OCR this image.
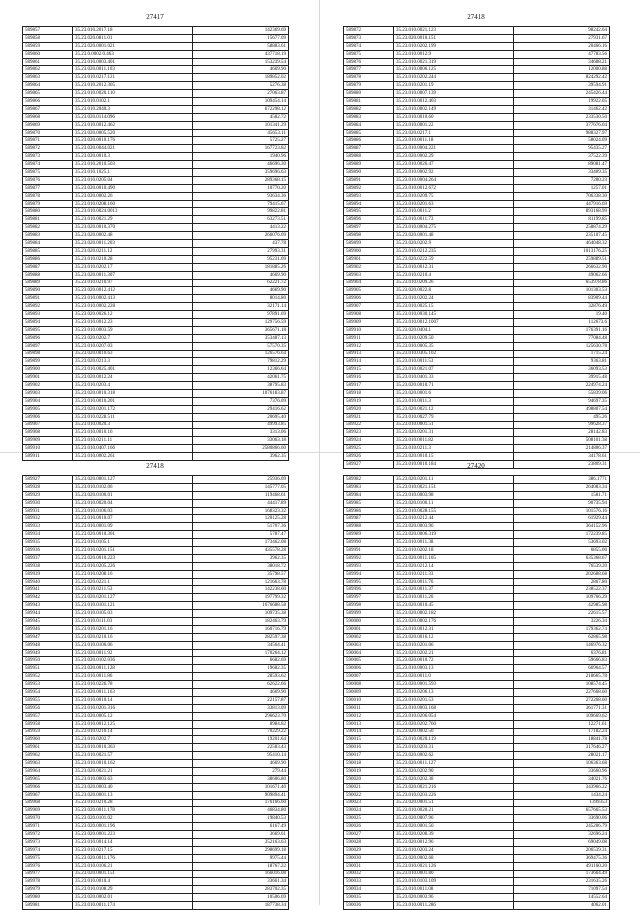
27417
589857	35.23.010.2017.18	142369.69
589858	35.23.020.0811.01	15677.09
589859	35.23.020.0001.021	58883.61
589860	35.23.0.0002.0.463	437718.19
589861	35.23.010.0003.401	153239.54
589862	35.23.020.0011.103	4669.90
589863	35.23.010.0217.121	189852.02
589864	35.23.010.2012.305	5276.38
589865	35.23.010.0020.110	27063.87
589866	35.23.010.0102.1	109454.14
589867	35.23.010.2040.3	672298.12
589868	35.23.020.0114.096	4582.72
589869	35.23.010.0012.462	101341.29
589870	35.23.020.0005.520	45653.11
589871	35.23.020.0010.176	5725.27
589872	35.23.020.0044.021	167723.82
589873	35.23.020.0010.3	1940.96
589874	35.23.010.2010.503	46696.30
589875	35.23.010.1025.1	359696.63
589876	35.23.010.0205.04	289368.15
589877	35.23.020.0010.490	10770.20
589878	35.23.020.0002.26	93634.36
589879	35.23.010.0208.160	79415.67
589880	35.23.010.0024.0013	99822.81
589881	35.23.010.0021.29	63273.51
589882	35.23.020.0010.370	4413.22
589883	35.23.020.0002.48	266076.09
589884	35.23.020.0011.203	437.78
589885	35.23.020.0211.12	27993.31
589886	35.23.010.0210.28	95231.09
589887	35.23.010.0202.17	181885.26
589888	35.23.020.0011.307	4669.90
589889	35.23.010.0210.97	62221.72
589890	35.23.020.0012.412	4669.90
589891	35.23.010.0002.413	8014.80
589892	35.23.010.0002.228	32171.14
589893	35.23.020.0026.12	97891.69
589894	35.23.010.0012.23	129756.59
589895	35.23.010.0003.59	365671.18
589896	35.23.020.0202.7	353487.13
589897	35.23.010.0207.03	57570.35
589898	35.23.020.0010.63	126576.64
589899	35.23.020.0213.3	79812.29
589900	35.23.010.0025.401	12366.64
589901	35.23.020.0012.24	42061.75
589902	35.23.010.0203.4	38795.83
589903	35.23.020.0010.318	1076183.87
589904	35.23.010.0010.201	7376.09
589905	35.23.020.0201.172	29416.62
589906	35.23.010.0228.511	20695.40
589907	35.23.010.0020.3	49993.85
589908	35.23.010.0010.16	3313.06
589909	35.23.010.0211.11	33063.18
589910	35.23.010.0407.166	2580866.60
589911	35.23.010.0002.261	3962.35
27418
589872	35.23.010.0021.123	98242.64
589873	35.23.020.0010.151	27931.67
589874	35.23.010.0202.199	20466.16
589875	35.23.010.0012.9	47783.56
589876	35.23.010.0021.319	34688.21
589877	35.23.010.0006.125	12000.88
589878	35.23.010.0202.244	824292.42
589879	35.23.010.0201.19	39594.91
589880	35.23.010.0007.139	245426.44
589881	35.23.010.0012.403	19922.05
589882	35.23.010.0002.149	31462.42
589883	35.23.010.0010.60	233530.50
589884	35.23.010.0001.22	377676.04
589885	35.23.020.0217.1	988327.97
589886	35.23.010.0011.18	58024.09
589887	35.23.010.0004.221	95435.27
589888	35.23.020.0002.29	37522.39
589889	35.23.010.0026.47	89081.47
589890	35.23.010.0002.92	33409.35
589891	35.23.010.0004.264	7280.23
589892	35.23.010.0012.672	1257.01
589893	35.23.010.0209.75	706338.30
589894	35.23.010.0201.63	447916.69
589895	35.23.010.0011.2	893168.99
589896	35.23.010.0011.73	81199.85
589897	35.23.010.0004.275	258874.29
589898	35.23.020.0001.48	235107.45
589899	35.23.020.0202.9	464048.32
589900	35.23.010.0212.235	1013176.25
589901	35.23.020.0222.59	259889.51
589902	35.23.010.0012.31	266632.90
589903	35.23.010.0210.4	49062.66
589904	35.23.010.0209.26	653978.86
589905	35.23.020.0022.8	101303.53
589906	35.23.010.0202.24	83909.44
589907	35.23.010.0025.15	32876.49
589908	35.23.010.0030.145	19.40
589909	35.23.010.0012.1007	112673.6
589910	35.23.020.0404.1	176391.16
589911	35.23.010.0209.50	77084.48
589912	35.23.010.0005.35	125630.78
589913	35.23.010.0305.102	1715.24
589914	35.23.010.0011.53	9363.81
589915	35.23.010.0021.07	36093.53
589916	35.23.010.0401.33	39915.48
589917	35.23.020.0010.71	224974.24
589918	35.23.020.0001.6	55839.06
589919	35.23.010.0011.3	94697.35
589920	35.23.020.0021.12	498807.54
589921	35.23.010.0027.79	495.26
589922	35.23.010.0001.51	99628.37
589923	35.23.020.0201.31	28142.83
589924	35.23.010.0011.82	508101.38
589925	35.23.010.0211.3	214806.37
589926	35.23.020.0010.15	34178.61
589927	35.23.010.0010.184	23809.31
27418
589927	35.23.020.0001.127	25936.09
589928	35.23.010.0102.06	145777.05
589929	35.23.020.0100.01	119468.61
589930	35.23.010.0020.04	44417.89
589931	35.23.010.0106.03	168323.32
589932	35.23.010.0010.07	120125.28
589933	35.23.010.0001.09	51707.36
589934	35.23.020.0010.301	5787.47
589935	35.23.010.0105.1	173462.08
589936	35.23.010.0201.151	435578.28
589937	35.23.020.0010.223	3962.35
589938	35.23.010.0205.226	38018.72
589939	35.23.010.0208.16	35798.57
589940	35.23.020.0221.1	121663.78
589941	35.23.010.0211.53	142238.60
589942	35.23.020.0201.127	197799.32
589943	35.23.010.0101.121	1676688.58
589944	35.23.010.0105.03	109735.38
589945	35.23.010.0111.03	182463.79
589946	35.23.010.0201.16	160716.79
589947	35.23.020.0210.16	282597.38
589948	35.23.010.0106.06	34564.41
589949	35.23.020.0011.92	170264.12
589950	35.23.020.0102.036	6682.69
589951	35.23.020.0011.128	19682.35
589952	35.23.010.0011.86	28593.62
589953	35.23.010.0226.78	62622.66
589954	35.23.020.0011.163	4669.90
589955	35.23.010.0010.14	22157.87
589956	35.23.010.0201.316	33813.09
589957	35.23.020.0005.12	296623.70
589958	35.23.010.0012.125	8984.82
589959	35.23.010.0210.14	70229.22
589960	35.23.010.0202.7	19201.64
589961	35.23.010.0010.363	22583.43
589962	35.23.010.0021.57	95410.14
589963	35.23.010.0010.162	4669.90
589964	35.23.020.0021.21	279.44
589965	35.23.010.0003.63	38606.80
589966	35.23.020.0003.40	101671.40
589967	35.23.020.0001.13	909894.41
589968	35.23.010.0210.28	176166.60
589969	35.23.020.0011.178	46834.80
589970	35.23.020.0101.02	19840.53
589971	35.23.020.0001.196	6167.49
589972	35.23.020.0001.223	3669.61
589973	35.23.010.0014.14	352163.63
589974	35.23.010.0217.15	298699.18
589975	35.23.020.0011.176	9975.44
589976	35.23.010.0106.21	18767.22
589977	35.23.020.0001.151	166016.08
589978	35.23.010.0010.4	33661.34
589979	35.23.010.0108.29	283702.35
589980	35.23.020.0002.01	10506.69
589981	35.23.010.0011.174	187738.34
27420
589982	35.23.020.0201.11	386.1771
589983	35.23.010.0021.151	264083.34
589984	35.23.010.0003.98	1581.71
589985	35.23.020.0106.11	90735.94
589986	35.23.010.0028.155	101576.16
589987	35.23.010.0212.44	61929.44
589988	35.23.020.0003.96	364152.96
589989	35.23.020.0006.319	172239.85
589990	35.23.010.0011.38	53693.02
589991	35.23.010.0202.18	6855.00
589992	35.23.020.0011.165	635368.67
589993	35.23.020.0212.14	76539.20
589994	35.23.010.0211.33	202688.68
589995	35.23.020.0011.76	2867.80
589996	35.23.020.0011.37	238522.37
589997	35.23.010.0011.20	109766.29
589998	35.23.020.0010.45	42985.98
589999	35.23.020.0002.182	22615.57
590000	35.23.020.0002.176	3226.34
590001	35.23.010.0012.31	179362.74
590002	35.23.020.0016.12	62865.98
590003	35.23.010.0201.06	146976.32
590004	35.23.020.0202.21	6376.81
590005	35.23.020.0010.72	59666.83
590006	35.23.010.0003.13	66964.57
590007	35.23.020.0011.0	218665.78
590008	35.23.020.0001.593	108574.45
590009	35.23.010.0206.13	227668.60
590010	35.23.010.0201.53	272268.60
590011	35.23.010.0003.168	361771.31
590012	35.23.010.0206.054	109669.62
590013	35.23.020.0202.760	12271.61
590014	35.23.020.0002.50	17182.24
590015	35.23.010.0020.119	18841.78
590016	35.23.010.0203.31	317646.27
590017	35.23.020.0002.62	28021.17
590018	35.23.020.0011.127	106363.68
590019	35.23.020.0202.90	33660.96
590020	35.23.020.0202.38	34021.76
590021	35.23.020.0021.216	343966.22
590022	35.23.010.0203.226	1434.24
590023	35.23.020.0001.51	1399353
590024	35.23.010.0020.21	657665.53
590025	35.23.020.0007.96	33690.06
590026	35.23.020.0001.56	245206.79
590027	35.23.020.0208.39	32696.24
590028	35.23.020.0012.96	69049.08
590029	35.23.010.0203.24	206539.31
590030	35.23.020.0002.68	369475.36
590031	35.23.010.0021.126	491160.20
590032	35.23.010.0001.80	173664.49
590033	35.23.010.0103.109	231635.26
590034	35.23.010.0011.08	71097.54
590035	35.23.020.0003.96	14552.64
590036	35.23.010.0011.286	4062.01
